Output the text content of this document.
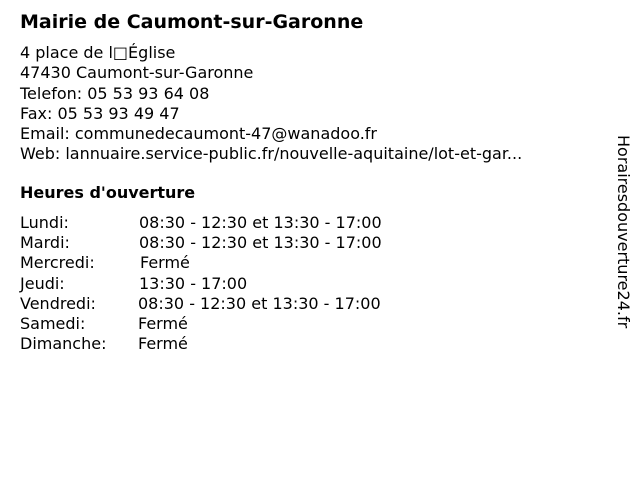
Mairie de Caumont-sur-Garonne
4 place de l□Église
47430 Caumont-sur-Garonne
Telefon: 05 53 93 64 08
Fax: 05 53 93 49 47
Email: communedecaumont-47@wanadoo.fr
Web: lannuaire.service-public.fr/nouvelle-aquitaine/lot-et-gar...
Heures d'ouverture
Lundi:	08:30 - 12:30 et 13:30 - 17:00
Mardi:	08:30 - 12:30 et 13:30 - 17:00
Mercredi:	Fermé
Jeudi:	13:30 - 17:00
Vendredi:	08:30 - 12:30 et 13:30 - 17:00
Samedi:	Fermé
Dimanche: Fermé
Horairesdouverture24.fr
